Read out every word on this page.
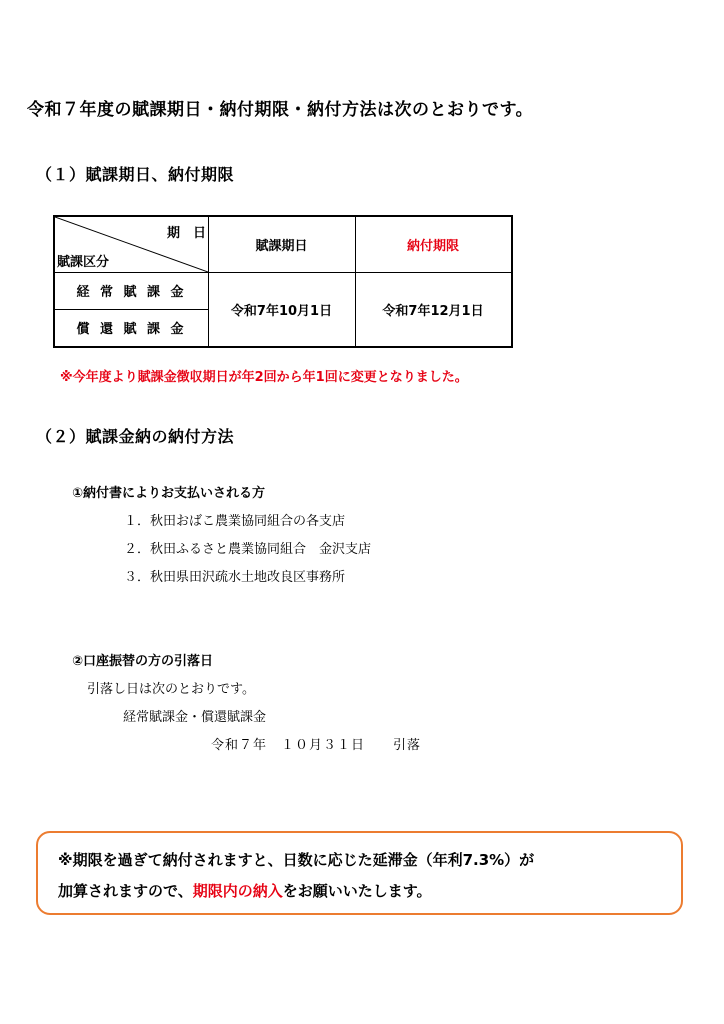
令和７年度の賦課期日・納付期限・納付方法は次のとおりです。
（１）賦課期日、納付期限
期　日
賦課区分
賦課期日	納付期限
経 常 賦 課 金
償 還 賦 課 金
令和7年10月1日	令和7年12月1日
※今年度より賦課金徴収期日が年2回から年1回に変更となりました。
（２）賦課金納の納付方法
①納付書によりお支払いされる方
１．秋田おばこ農業協同組合の各支店
２．秋田ふるさと農業協同組合　金沢支店
３．秋田県田沢疏水土地改良区事務所
②口座振替の方の引落日
引落し日は次のとおりです。
経常賦課金・償還賦課金
令和７年　１０月３１日　　引落
※期限を過ぎて納付されますと、日数に応じた延滞金（年利7.3%）が
加算されますので、期限内の納入をお願いいたします。
